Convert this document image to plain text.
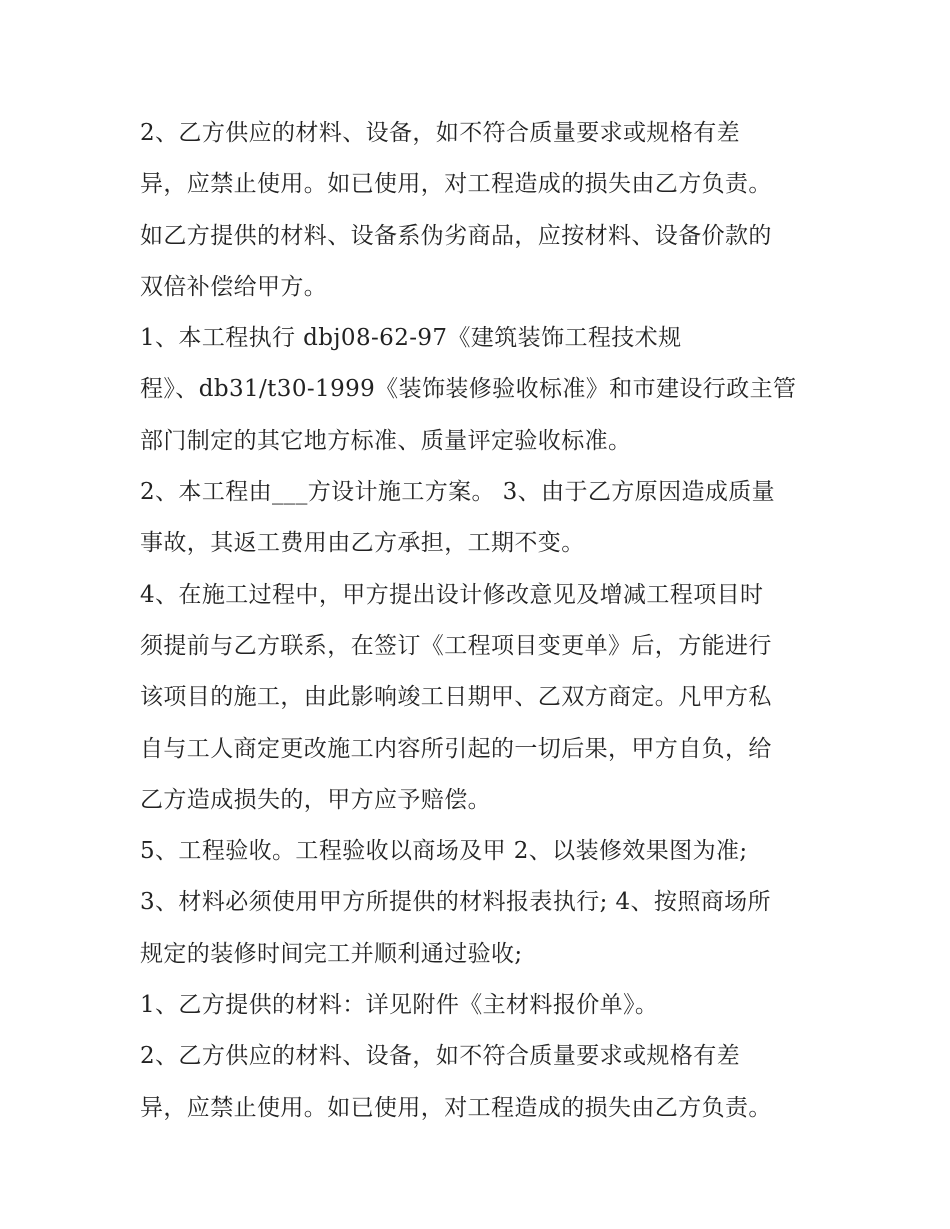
2、乙方供应的材料、设备，如不符合质量要求或规格有差
异，应禁止使用。如已使用，对工程造成的损失由乙方负责。
如乙方提供的材料、设备系伪劣商品，应按材料、设备价款的
双倍补偿给甲方。
1、本工程执行 dbj08-62-97《建筑装饰工程技术规
程》、db31/t30-1999《装饰装修验收标准》和市建设行政主管
部门制定的其它地方标准、质量评定验收标准。
2、本工程由___方设计施工方案。 3、由于乙方原因造成质量
事故，其返工费用由乙方承担，工期不变。
4、在施工过程中，甲方提出设计修改意见及增减工程项目时
须提前与乙方联系，在签订《工程项目变更单》后，方能进行
该项目的施工，由此影响竣工日期甲、乙双方商定。凡甲方私
自与工人商定更改施工内容所引起的一切后果，甲方自负，给
乙方造成损失的，甲方应予赔偿。
5、工程验收。工程验收以商场及甲 2、以装修效果图为准;
3、材料必须使用甲方所提供的材料报表执行; 4、按照商场所
规定的装修时间完工并顺利通过验收;
1、乙方提供的材料：详见附件《主材料报价单》。
2、乙方供应的材料、设备，如不符合质量要求或规格有差
异，应禁止使用。如已使用，对工程造成的损失由乙方负责。
